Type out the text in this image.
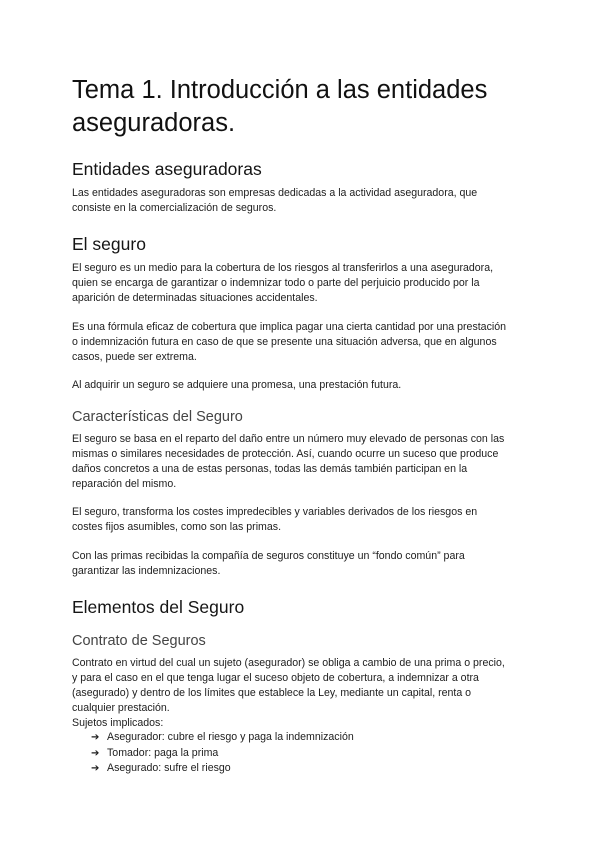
Tema 1. Introducción a las entidades
aseguradoras.
Entidades aseguradoras
Las entidades aseguradoras son empresas dedicadas a la actividad aseguradora, que
consiste en la comercialización de seguros.
El seguro
El seguro es un medio para la cobertura de los riesgos al transferirlos a una aseguradora,
quien se encarga de garantizar o indemnizar todo o parte del perjuicio producido por la
aparición de determinadas situaciones accidentales.
Es una fórmula eficaz de cobertura que implica pagar una cierta cantidad por una prestación
o indemnización futura en caso de que se presente una situación adversa, que en algunos
casos, puede ser extrema.
Al adquirir un seguro se adquiere una promesa, una prestación futura.
Características del Seguro
El seguro se basa en el reparto del daño entre un número muy elevado de personas con las
mismas o similares necesidades de protección. Así, cuando ocurre un suceso que produce
daños concretos a una de estas personas, todas las demás también participan en la
reparación del mismo.
El seguro, transforma los costes impredecibles y variables derivados de los riesgos en
costes fijos asumibles, como son las primas.
Con las primas recibidas la compañía de seguros constituye un “fondo común” para
garantizar las indemnizaciones.
Elementos del Seguro
Contrato de Seguros
Contrato en virtud del cual un sujeto (asegurador) se obliga a cambio de una prima o precio,
y para el caso en el que tenga lugar el suceso objeto de cobertura, a indemnizar a otra
(asegurado) y dentro de los límites que establece la Ley, mediante un capital, renta o
cualquier prestación.
Sujetos implicados:
➔ Asegurador: cubre el riesgo y paga la indemnización
➔ Tomador: paga la prima
➔ Asegurado: sufre el riesgo
